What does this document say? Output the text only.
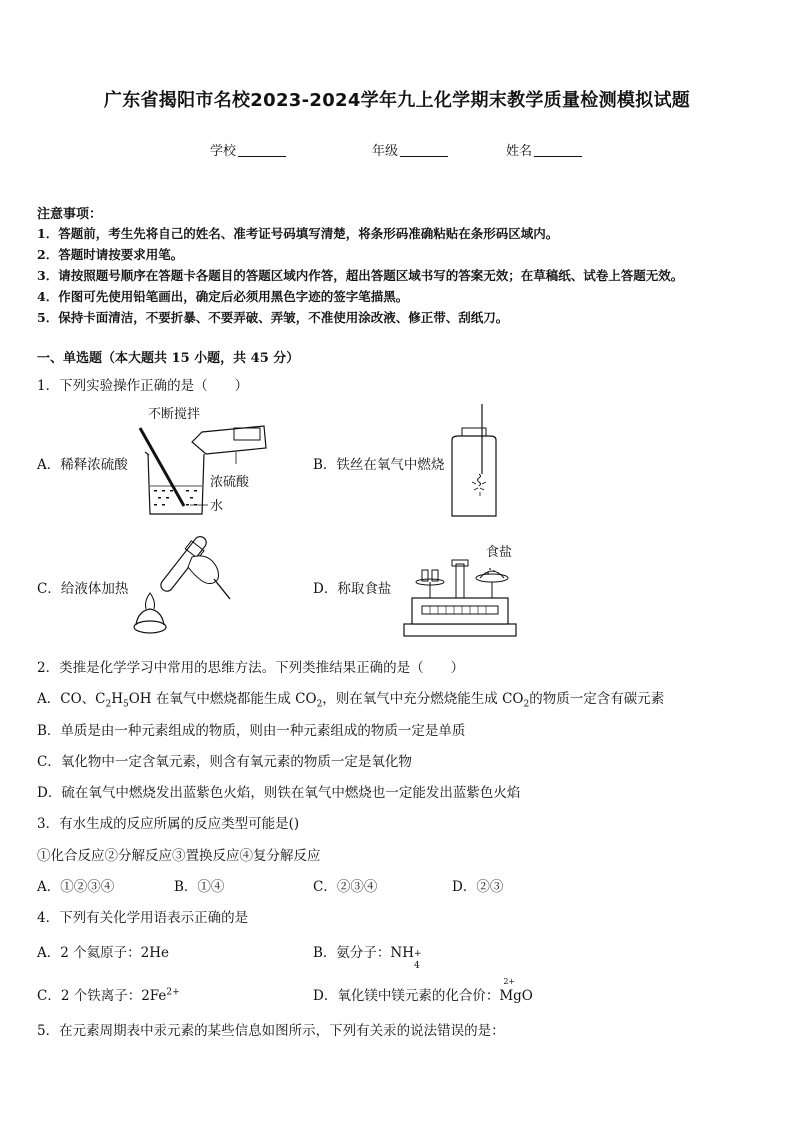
广东省揭阳市名校2023-2024学年九上化学期末教学质量检测模拟试题
学校	年级	姓名
注意事项：
1．答题前，考生先将自己的姓名、准考证号码填写清楚，将条形码准确粘贴在条形码区域内。
2．答题时请按要求用笔。
3．请按照题号顺序在答题卡各题目的答题区域内作答，超出答题区域书写的答案无效；在草稿纸、试卷上答题无效。
4．作图可先使用铅笔画出，确定后必须用黑色字迹的签字笔描黑。
5．保持卡面清洁，不要折暴、不要弄破、弄皱，不准使用涂改液、修正带、刮纸刀。
一、单选题（本大题共 15 小题，共 45 分）
1．下列实验操作正确的是（　　）
A．稀释浓硫酸	B．铁丝在氧气中燃烧
C．给液体加热	D．称取食盐
不断搅拌
浓硫酸
水
食盐
2．类推是化学学习中常用的思维方法。下列类推结果正确的是（　　）
A．CO、$C_2H_5OH$ 在氧气中燃烧都能生成 $CO_2$，则在氧气中充分燃烧能生成 $CO_2$的物质一定含有碳元素
B．单质是由一种元素组成的物质，则由一种元素组成的物质一定是单质
C．氧化物中一定含氧元素，则含有氧元素的物质一定是氧化物
D．硫在氧气中燃烧发出蓝紫色火焰，则铁在氧气中燃烧也一定能发出蓝紫色火焰
3．有水生成的反应所属的反应类型可能是()
①化合反应②分解反应③置换反应④复分解反应
A．①②③④	B．①④	C．②③④	D．②③
4．下列有关化学用语表示正确的是
A．2 个氦原子：2He	B．氨分子：NH +
4
C．2 个铁离子：$2Fe^{2+}$	D．氧化镁中镁元素的化合价：
2+
MgO
5．在元素周期表中汞元素的某些信息如图所示，下列有关汞的说法错误的是：
